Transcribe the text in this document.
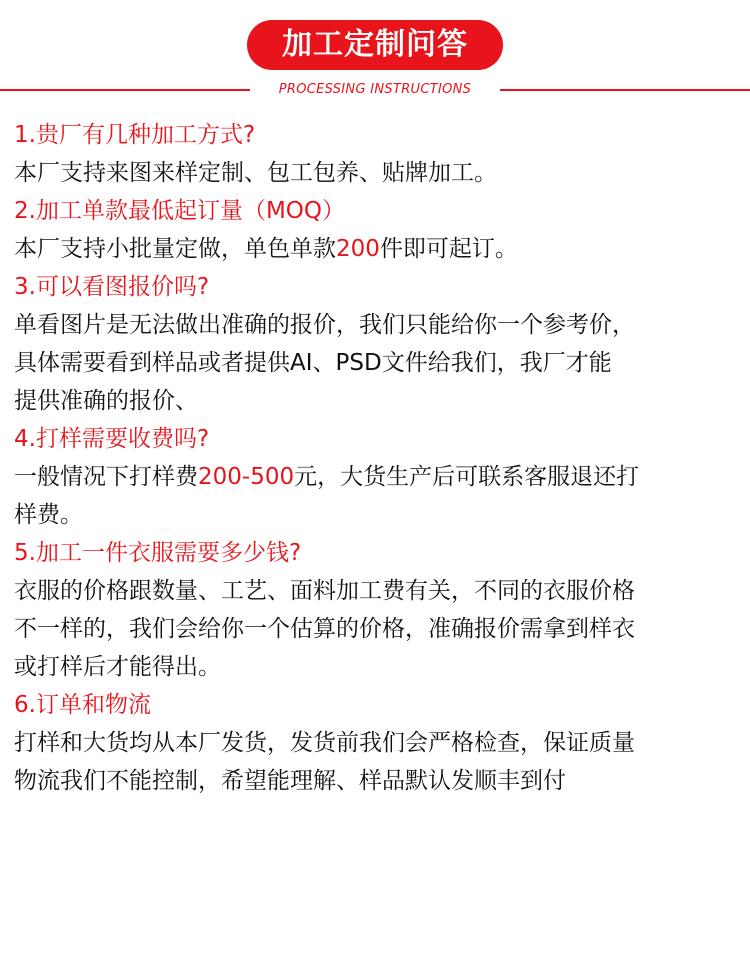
加工定制问答
PROCESSING INSTRUCTIONS
1.贵厂有几种加工方式?
本厂支持来图来样定制、包工包养、贴牌加工。
2.加工单款最低起订量（MOQ）
本厂支持小批量定做，单色单款200件即可起订。
3.可以看图报价吗?
单看图片是无法做出准确的报价，我们只能给你一个参考价，
具体需要看到样品或者提供AI、PSD文件给我们，我厂才能
提供准确的报价、
4.打样需要收费吗?
一般情况下打样费200-500元，大货生产后可联系客服退还打
样费。
5.加工一件衣服需要多少钱?
衣服的价格跟数量、工艺、面料加工费有关，不同的衣服价格
不一样的，我们会给你一个估算的价格，准确报价需拿到样衣
或打样后才能得出。
6.订单和物流
打样和大货均从本厂发货，发货前我们会严格检查，保证质量
物流我们不能控制，希望能理解、样品默认发顺丰到付
